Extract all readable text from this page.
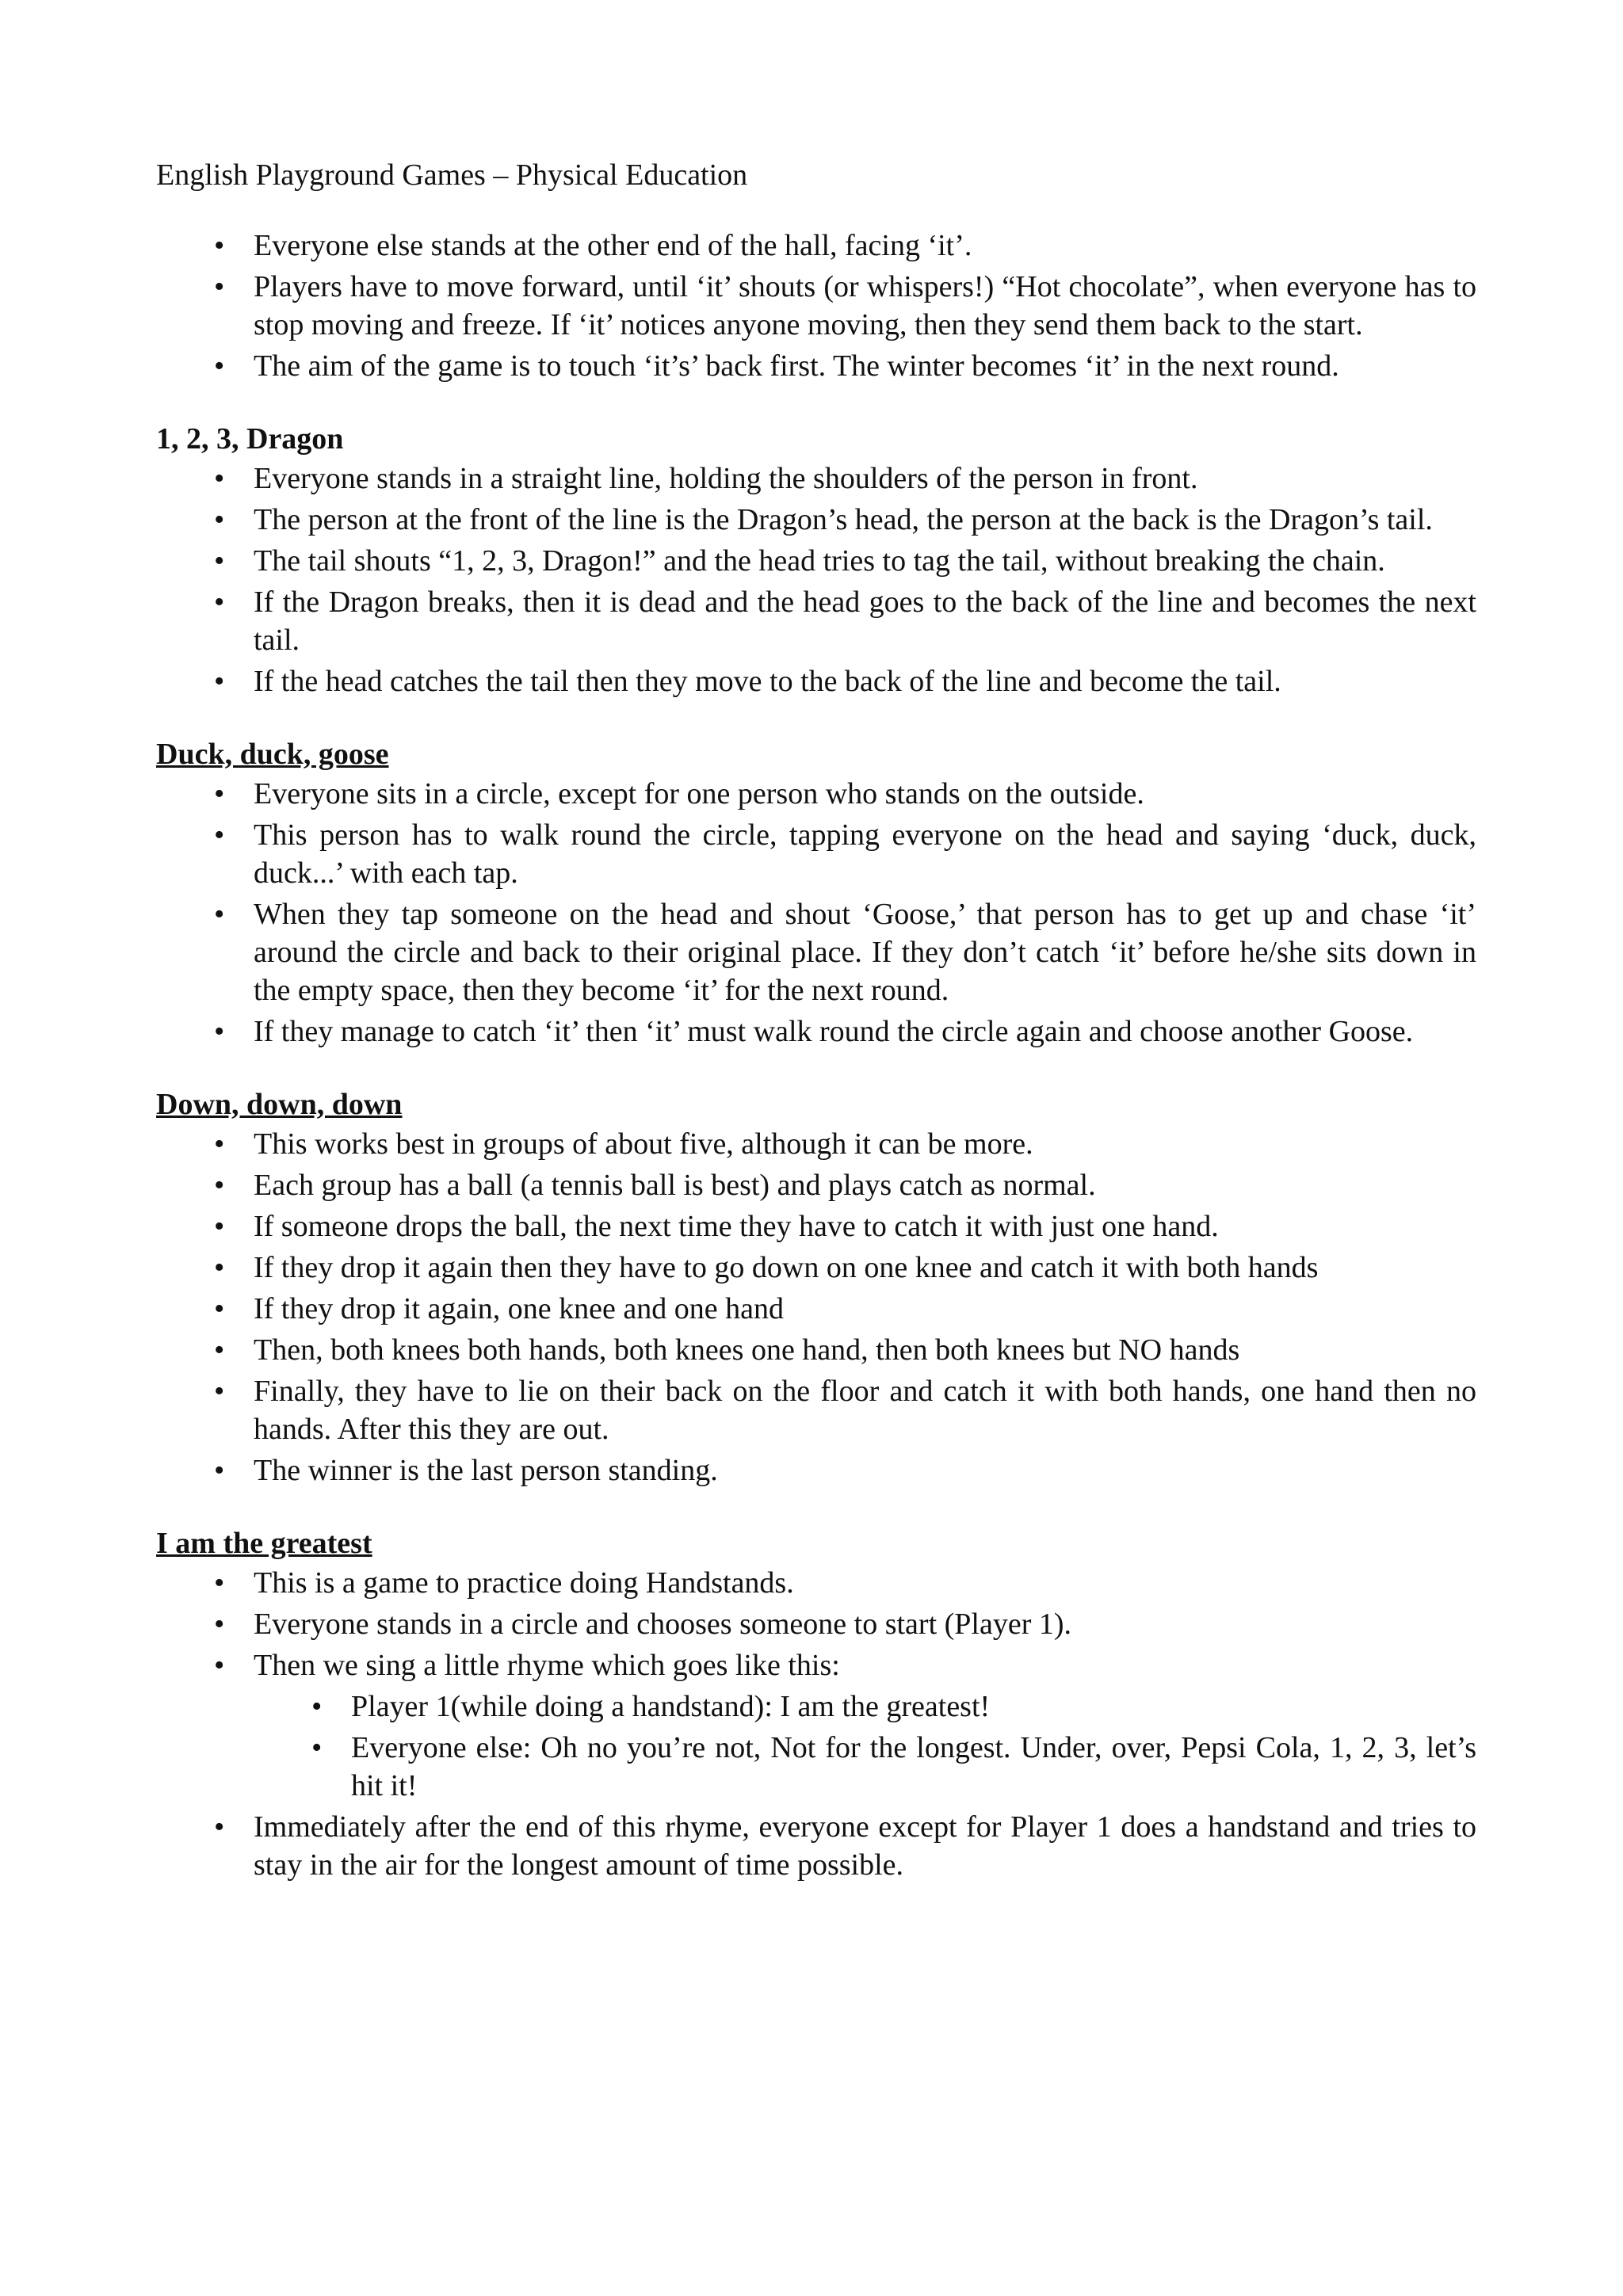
English Playground Games – Physical Education
• Everyone else stands at the other end of the hall, facing ‘it’.
• Players have to move forward, until ‘it’ shouts (or whispers!) “Hot chocolate”, when everyone has to stop moving and freeze. If ‘it’ notices anyone moving, then they send them back to the start.
• The aim of the game is to touch ‘it’s’ back first. The winter becomes ‘it’ in the next round.
1, 2, 3, Dragon
• Everyone stands in a straight line, holding the shoulders of the person in front.
• The person at the front of the line is the Dragon’s head, the person at the back is the Dragon’s tail.
• The tail shouts “1, 2, 3, Dragon!” and the head tries to tag the tail, without breaking the chain.
• If the Dragon breaks, then it is dead and the head goes to the back of the line and becomes the next tail.
• If the head catches the tail then they move to the back of the line and become the tail.
Duck, duck, goose
• Everyone sits in a circle, except for one person who stands on the outside.
• This person has to walk round the circle, tapping everyone on the head and saying ‘duck, duck, duck...’ with each tap.
• When they tap someone on the head and shout ‘Goose,’ that person has to get up and chase ‘it’ around the circle and back to their original place. If they don’t catch ‘it’ before he/she sits down in the empty space, then they become ‘it’ for the next round.
• If they manage to catch ‘it’ then ‘it’ must walk round the circle again and choose another Goose.
Down, down, down
• This works best in groups of about five, although it can be more.
• Each group has a ball (a tennis ball is best) and plays catch as normal.
• If someone drops the ball, the next time they have to catch it with just one hand.
• If they drop it again then they have to go down on one knee and catch it with both hands
• If they drop it again, one knee and one hand
• Then, both knees both hands, both knees one hand, then both knees but NO hands
• Finally, they have to lie on their back on the floor and catch it with both hands, one hand then no hands. After this they are out.
• The winner is the last person standing.
I am the greatest
• This is a game to practice doing Handstands.
• Everyone stands in a circle and chooses someone to start (Player 1).
• Then we sing a little rhyme which goes like this:
• Player 1(while doing a handstand): I am the greatest!
• Everyone else: Oh no you’re not, Not for the longest. Under, over, Pepsi Cola, 1, 2, 3, let’s hit it!
• Immediately after the end of this rhyme, everyone except for Player 1 does a handstand and tries to stay in the air for the longest amount of time possible.
